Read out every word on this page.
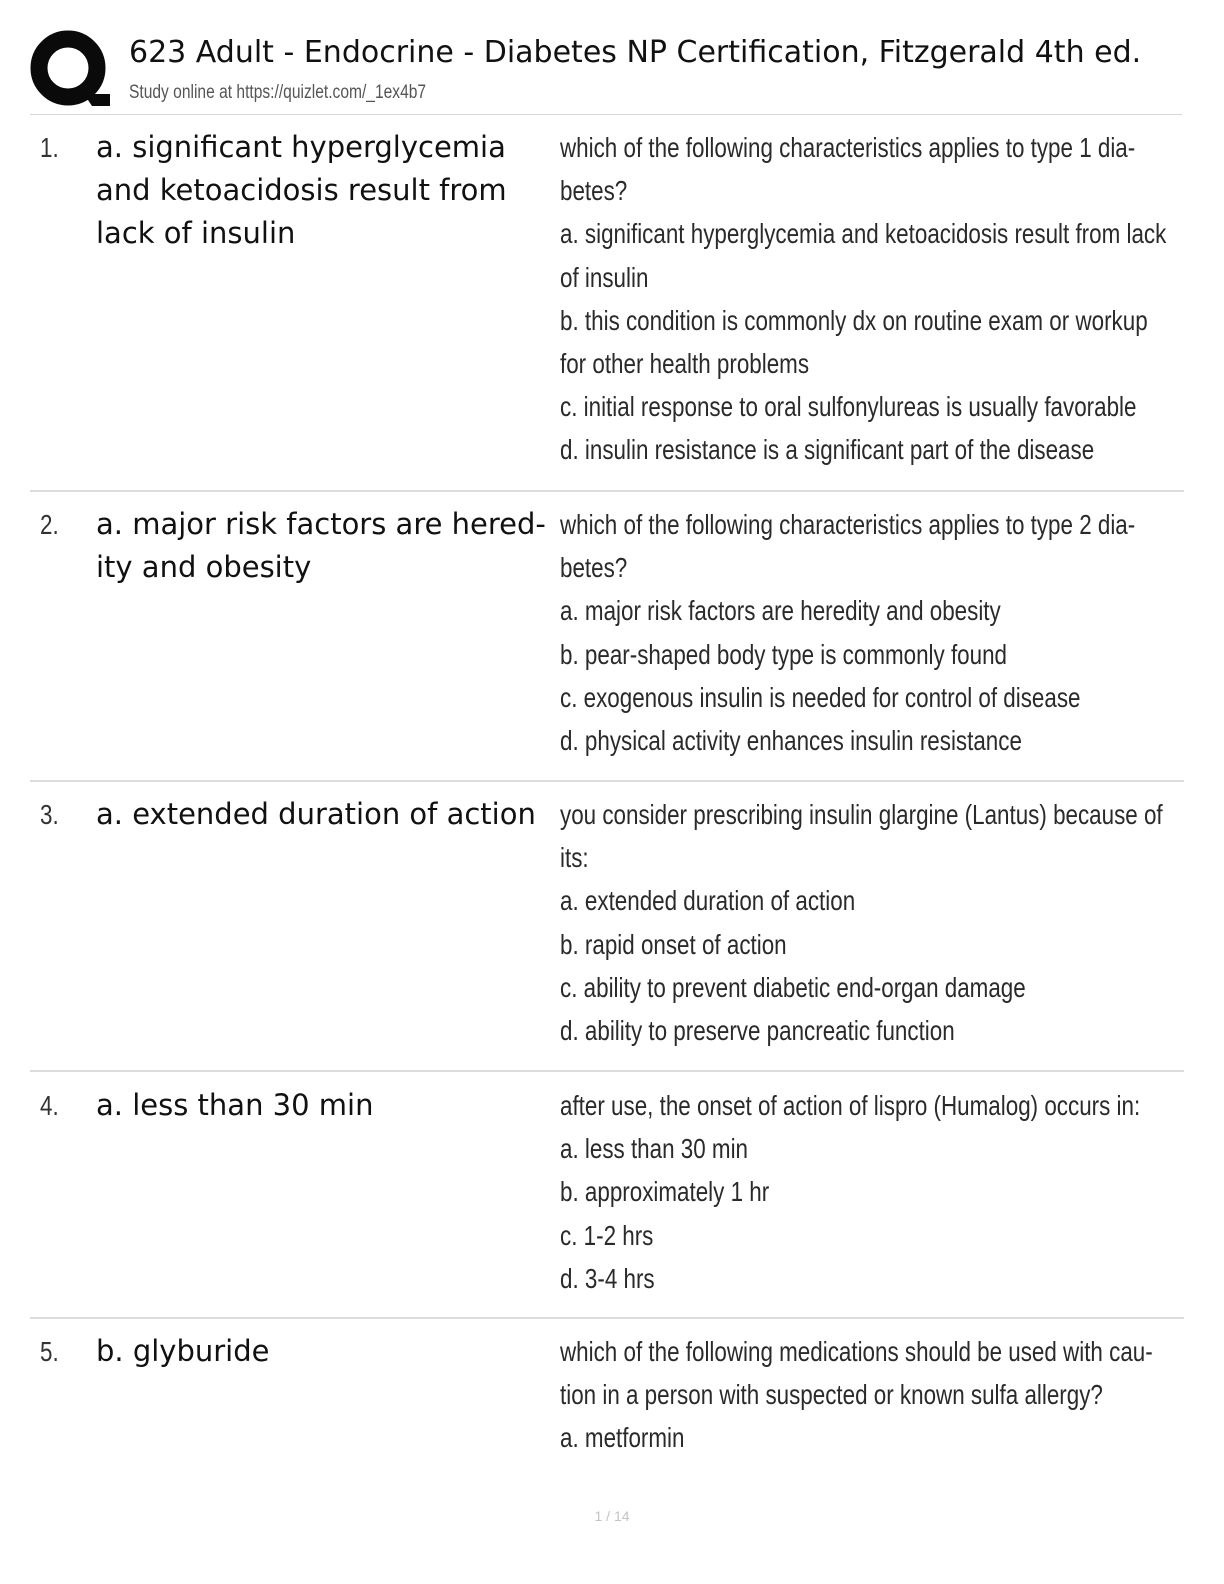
623 Adult - Endocrine - Diabetes NP Certification, Fitzgerald 4th ed.
Study online at https://quizlet.com/_1ex4b7
1. a. significant hyperglycemia and ketoacidosis result from lack of insulin
which of the following characteristics applies to type 1 dia-
betes?
a. significant hyperglycemia and ketoacidosis result from lack
of insulin
b. this condition is commonly dx on routine exam or workup
for other health problems
c. initial response to oral sulfonylureas is usually favorable
d. insulin resistance is a significant part of the disease
2. a. major risk factors are hered-ity and obesity
which of the following characteristics applies to type 2 dia-
betes?
a. major risk factors are heredity and obesity
b. pear-shaped body type is commonly found
c. exogenous insulin is needed for control of disease
d. physical activity enhances insulin resistance
3. a. extended duration of action you consider prescribing insulin glargine (Lantus) because of
its:
a. extended duration of action
b. rapid onset of action
c. ability to prevent diabetic end-organ damage
d. ability to preserve pancreatic function
4. a. less than 30 min	after use, the onset of action of lispro (Humalog) occurs in:
a. less than 30 min
b. approximately 1 hr
c. 1-2 hrs
d. 3-4 hrs
5. b. glyburide	which of the following medications should be used with cau-
tion in a person with suspected or known sulfa allergy?
a. metformin
1 / 14
